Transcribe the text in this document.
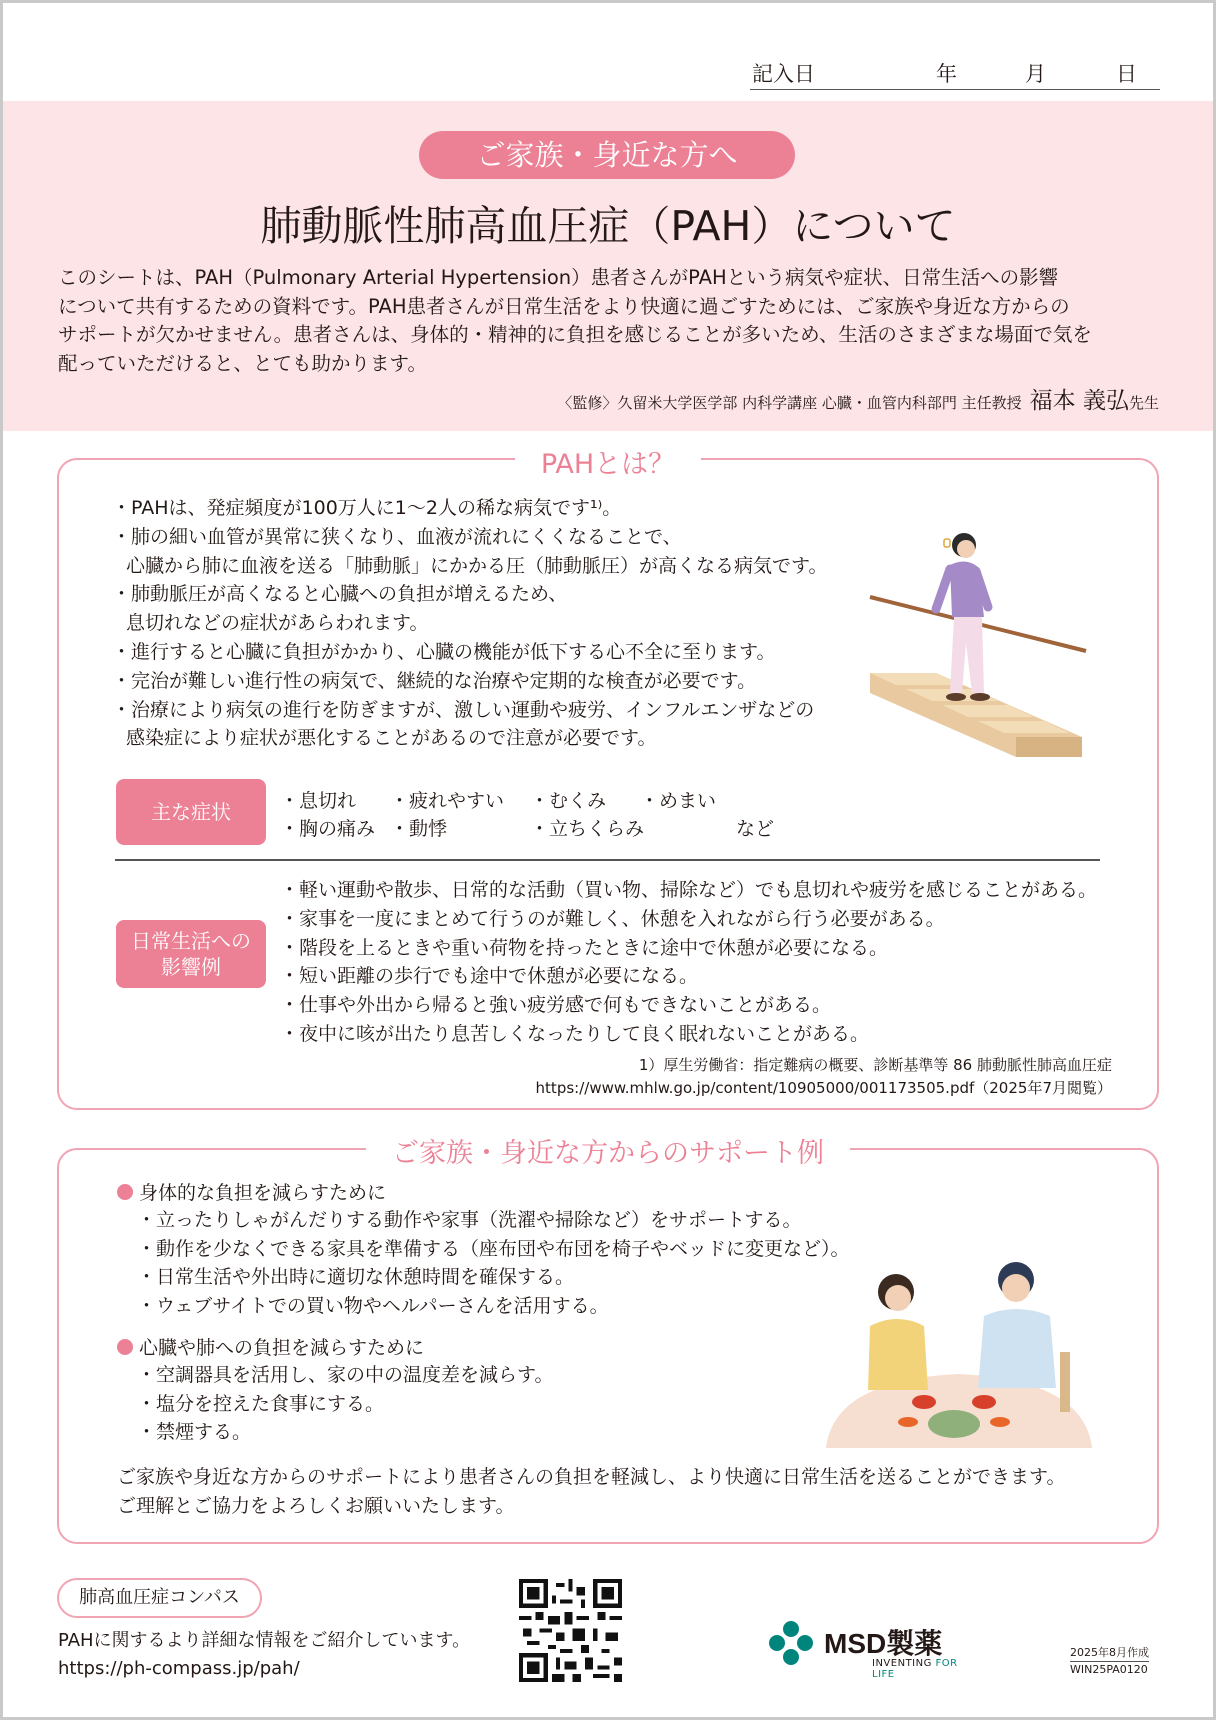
記入日	年	月	日
ご家族・身近な方へ
肺動脈性肺高血圧症（PAH）について
このシートは、PAH（Pulmonary Arterial Hypertension）患者さんがPAHという病気や症状、日常生活への影響
について共有するための資料です。PAH患者さんが日常生活をより快適に過ごすためには、ご家族や身近な方からの
サポートが欠かせません。患者さんは、身体的・精神的に負担を感じることが多いため、生活のさまざまな場面で気を
配っていただけると、とても助かります。
〈監修〉久留米大学医学部 内科学講座 心臓・血管内科部門 主任教授 福本 義弘先生
PAHとは？
・ PAHは、発症頻度が100万人に1〜2人の稀な病気です¹⁾。
・ 肺の細い血管が異常に狭くなり、血液が流れにくくなることで、
心臓から肺に血液を送る「肺動脈」にかかる圧（肺動脈圧）が高くなる病気です。
・ 肺動脈圧が高くなると心臓への負担が増えるため、
息切れなどの症状があらわれます。
・ 進行すると心臓に負担がかかり、心臓の機能が低下する心不全に至ります。
・ 完治が難しい進行性の病気で、継続的な治療や定期的な検査が必要です。
・ 治療により病気の進行を防ぎますが、激しい運動や疲労、インフルエンザなどの
感染症により症状が悪化することがあるので注意が必要です。
主な症状	・息切れ ・疲れやすい ・むくみ ・めまい
・胸の痛み ・動悸	・立ちくらみ	など
日常生活への
影響例
・ 軽い運動や散歩、日常的な活動（買い物、掃除など）でも息切れや疲労を感じることがある。
・ 家事を一度にまとめて行うのが難しく、休憩を入れながら行う必要がある。
・ 階段を上るときや重い荷物を持ったときに途中で休憩が必要になる。
・ 短い距離の歩行でも途中で休憩が必要になる。
・ 仕事や外出から帰ると強い疲労感で何もできないことがある。
・ 夜中に咳が出たり息苦しくなったりして良く眠れないことがある。
1）厚生労働省：指定難病の概要、診断基準等 86 肺動脈性肺高血圧症
https://www.mhlw.go.jp/content/10905000/001173505.pdf（2025年7月閲覧）
ご家族・身近な方からのサポート例
身体的な負担を減らすために
・ 立ったりしゃがんだりする動作や家事（洗濯や掃除など）をサポートする。
・ 動作を少なくできる家具を準備する（座布団や布団を椅子やベッドに変更など）。
・ 日常生活や外出時に適切な休憩時間を確保する。
・ ウェブサイトでの買い物やヘルパーさんを活用する。
心臓や肺への負担を減らすために
・ 空調器具を活用し、家の中の温度差を減らす。
・ 塩分を控えた食事にする。
・ 禁煙する。
ご家族や身近な方からのサポートにより患者さんの負担を軽減し、より快適に日常生活を送ることができます。
ご理解とご協力をよろしくお願いいたします。
肺高血圧症コンパス
PAHに関するより詳細な情報をご紹介しています。
https://ph-compass.jp/pah/
MSD製薬
INVENTING FOR LIFE
2025年8月作成
WIN25PA0120
